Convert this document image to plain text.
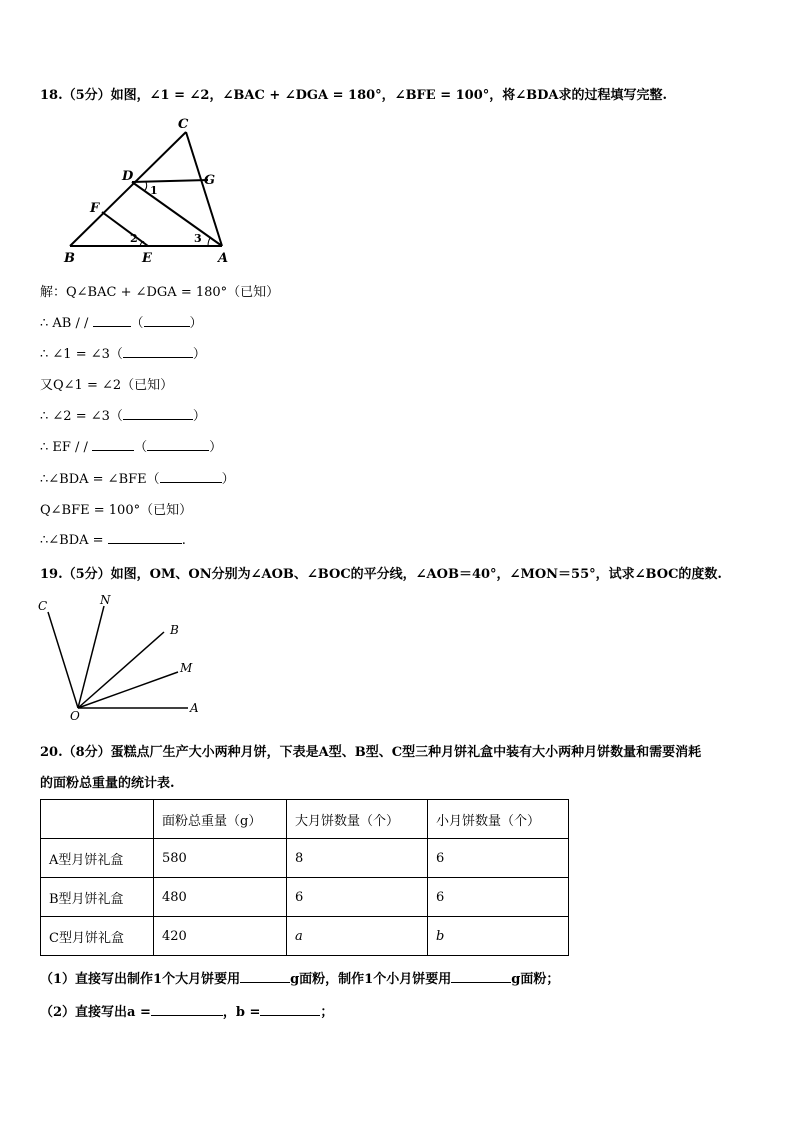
18.（5分）如图，∠1 = ∠2，∠BAC + ∠DGA = 180°，∠BFE = 100°，将∠BDA求的过程填写完整.
C
D	G
F
B	E	A
1
2	3
解：Q∠BAC + ∠DGA = 180°（已知）
∴ AB / /	（	）
∴ ∠1 = ∠3（	）
又Q∠1 = ∠2（已知）
∴ ∠2 = ∠3（	）
∴ EF / /	（	）
∴∠BDA = ∠BFE（	）
Q∠BFE = 100°（已知）
∴∠BDA =	.
19.（5分）如图，OM、ON分别为∠AOB、∠BOC的平分线，∠AOB＝40°，∠MON＝55°，试求∠BOC的度数.
C	N
B
M
O
A
20.（8分）蛋糕点厂生产大小两种月饼，下表是A型、B型、C型三种月饼礼盒中装有大小两种月饼数量和需要消耗
的面粉总重量的统计表.
	面粉总重量（g）	大月饼数量（个）	小月饼数量（个）
A型月饼礼盒	580	8	6
B型月饼礼盒	480	6	6
C型月饼礼盒	420	a	b
（1）直接写出制作1个大月饼要用	g面粉，制作1个小月饼要用	g面粉；
（2）直接写出a =	，b =	；
